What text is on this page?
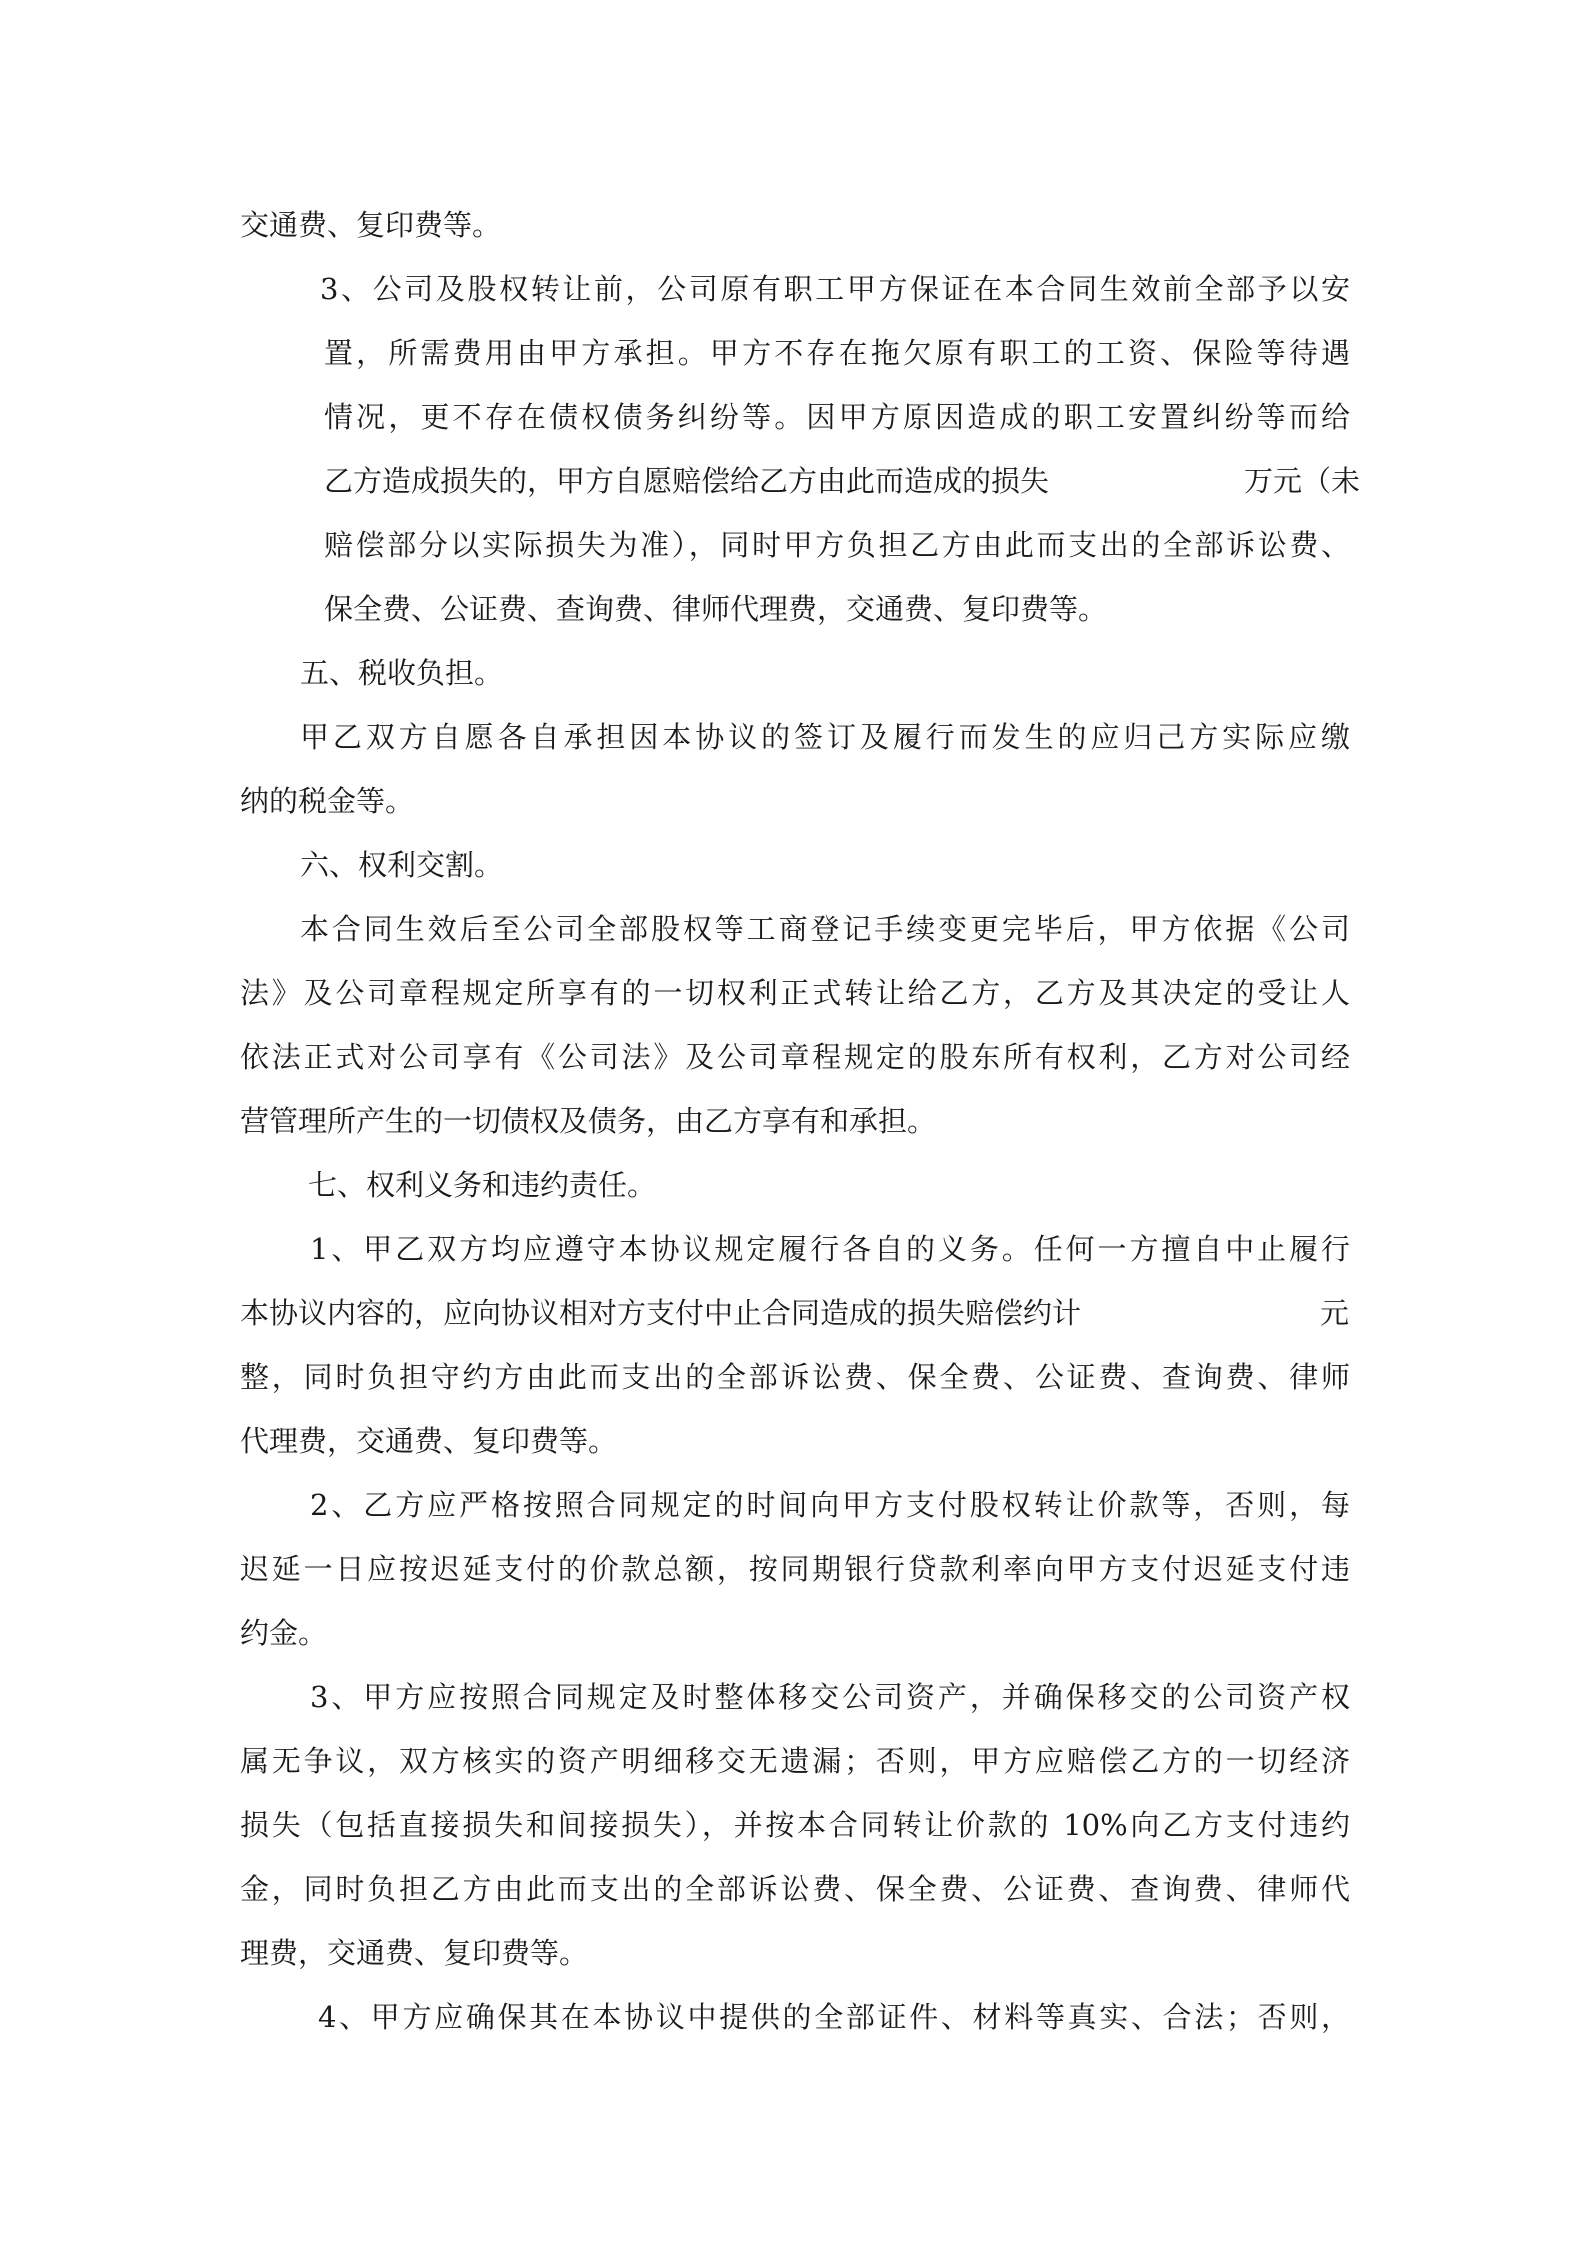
交通费、复印费等。
3、公司及股权转让前，公司原有职工甲方保证在本合同生效前全部予以安
置，所需费用由甲方承担。甲方不存在拖欠原有职工的工资、保险等待遇
情况，更不存在债权债务纠纷等。因甲方原因造成的职工安置纠纷等而给
乙方造成损失的，甲方自愿赔偿给乙方由此而造成的损失	万元（未
赔偿部分以实际损失为准），同时甲方负担乙方由此而支出的全部诉讼费、
保全费、公证费、查询费、律师代理费，交通费、复印费等。
五、税收负担。
甲乙双方自愿各自承担因本协议的签订及履行而发生的应归己方实际应缴
纳的税金等。
六、权利交割。
本合同生效后至公司全部股权等工商登记手续变更完毕后，甲方依据《公司
法》及公司章程规定所享有的一切权利正式转让给乙方，乙方及其决定的受让人
依法正式对公司享有《公司法》及公司章程规定的股东所有权利，乙方对公司经
营管理所产生的一切债权及债务，由乙方享有和承担。
七、权利义务和违约责任。
1、甲乙双方均应遵守本协议规定履行各自的义务。任何一方擅自中止履行
本协议内容的，应向协议相对方支付中止合同造成的损失赔偿约计	元
整，同时负担守约方由此而支出的全部诉讼费、保全费、公证费、查询费、律师
代理费，交通费、复印费等。
2、乙方应严格按照合同规定的时间向甲方支付股权转让价款等，否则，每
迟延一日应按迟延支付的价款总额，按同期银行贷款利率向甲方支付迟延支付违
约金。
3、甲方应按照合同规定及时整体移交公司资产，并确保移交的公司资产权
属无争议，双方核实的资产明细移交无遗漏；否则，甲方应赔偿乙方的一切经济
损失（包括直接损失和间接损失），并按本合同转让价款的 10%向乙方支付违约
金，同时负担乙方由此而支出的全部诉讼费、保全费、公证费、查询费、律师代
理费，交通费、复印费等。
4、甲方应确保其在本协议中提供的全部证件、材料等真实、合法；否则，
